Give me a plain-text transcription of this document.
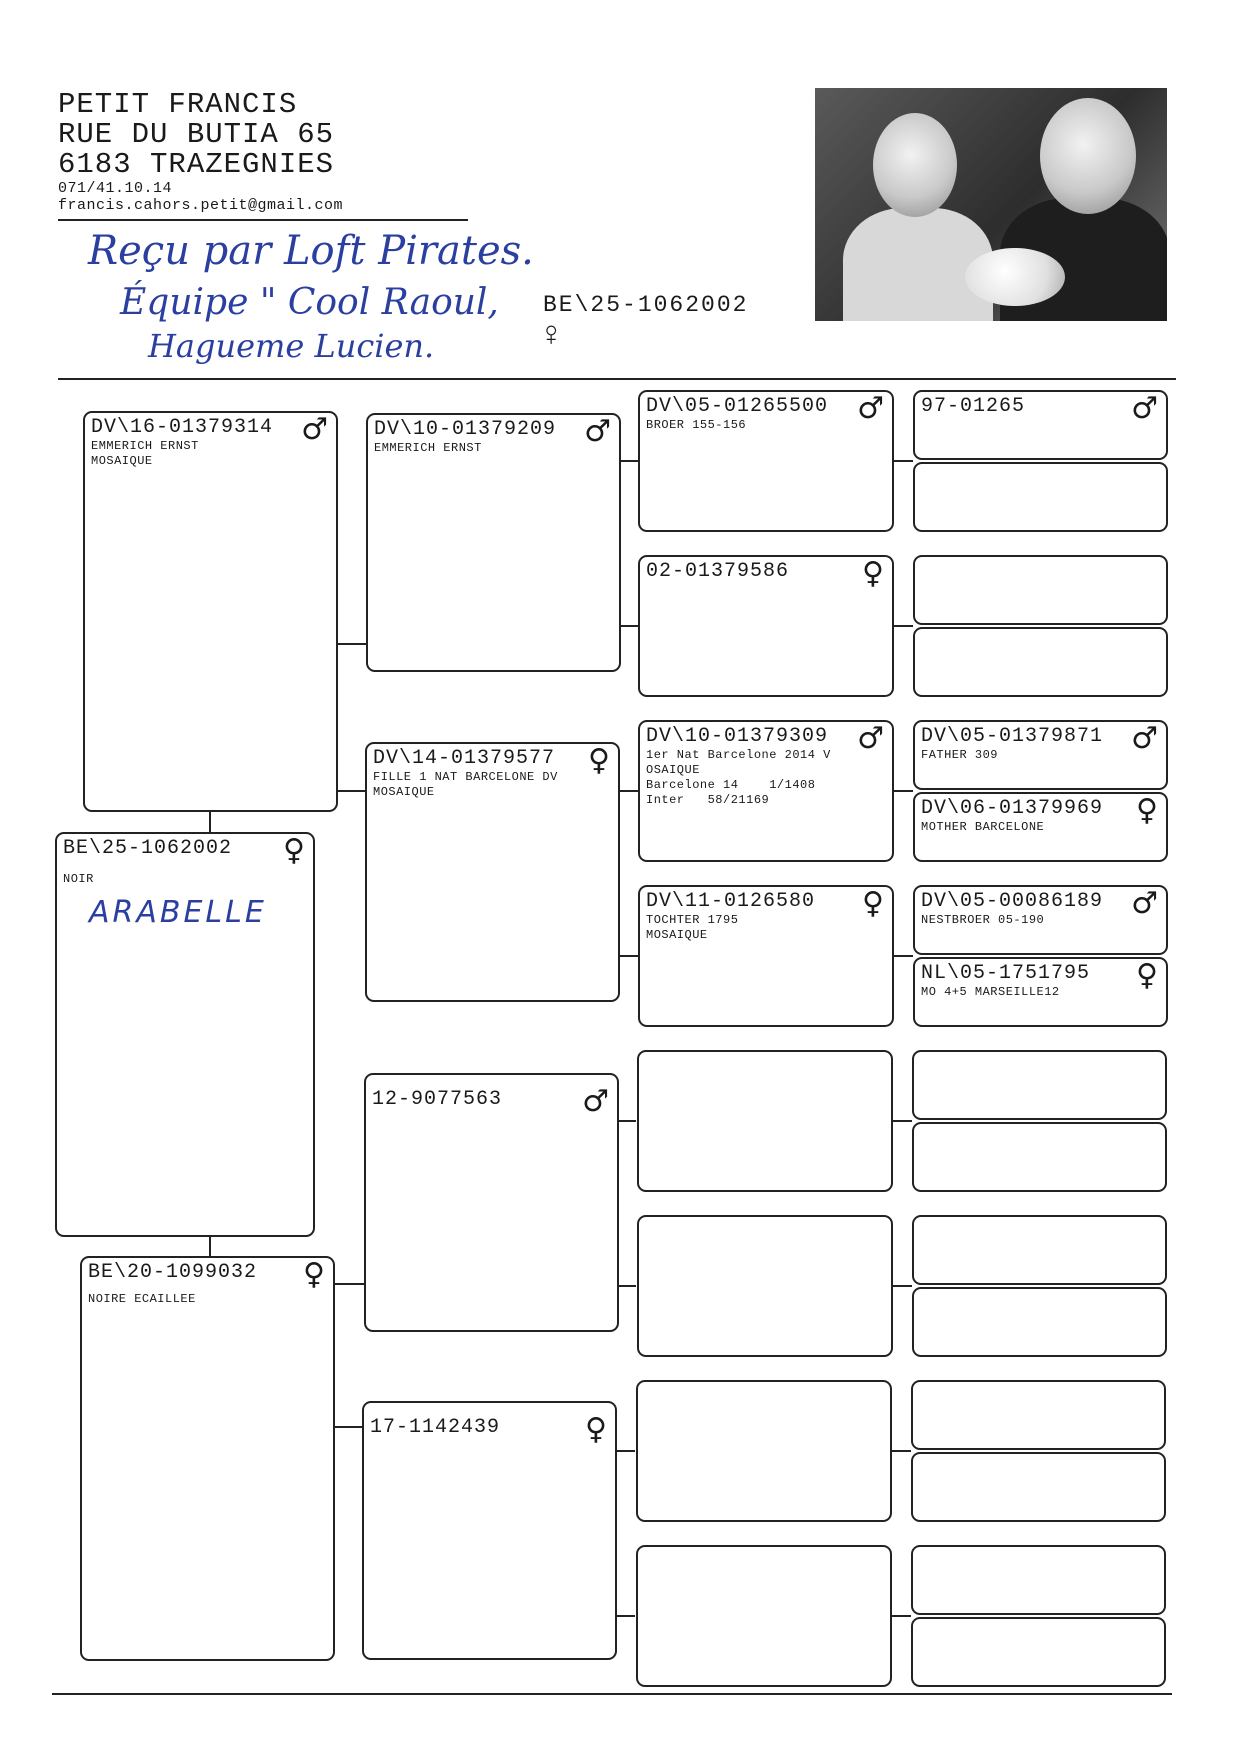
PETIT FRANCIS
RUE DU BUTIA 65
6183 TRAZEGNIES
071/41.10.14
francis.cahors.petit@gmail.com
Reçu par Loft Pirates.
Équipe " Cool Raoul,
Hagueme Lucien.
BE\25-1062002
♀
BE\25-1062002	♀
NOIR
ARABELLE
DV\16-01379314 ♂
EMMERICH ERNST
MOSAIQUE
BE\20-1099032	♀
NOIRE ECAILLEE
DV\10-01379209 ♂
EMMERICH ERNST
DV\14-01379577	♀
FILLE 1 NAT BARCELONE DV
MOSAIQUE
12-9077563	♂
17-1142439	♀
DV\05-01265500 ♂
BROER 155-156
02-01379586	♀
DV\10-01379309 ♂
1er Nat Barcelone 2014 V
OSAIQUE
Barcelone 14    1/1408
Inter   58/21169
DV\11-0126580	♀
TOCHTER 1795
MOSAIQUE
97-01265	♂
DV\05-01379871 ♂
FATHER 309
DV\06-01379969	♀
MOTHER BARCELONE
DV\05-00086189 ♂
NESTBROER 05-190
NL\05-1751795	♀
MO 4+5 MARSEILLE12
